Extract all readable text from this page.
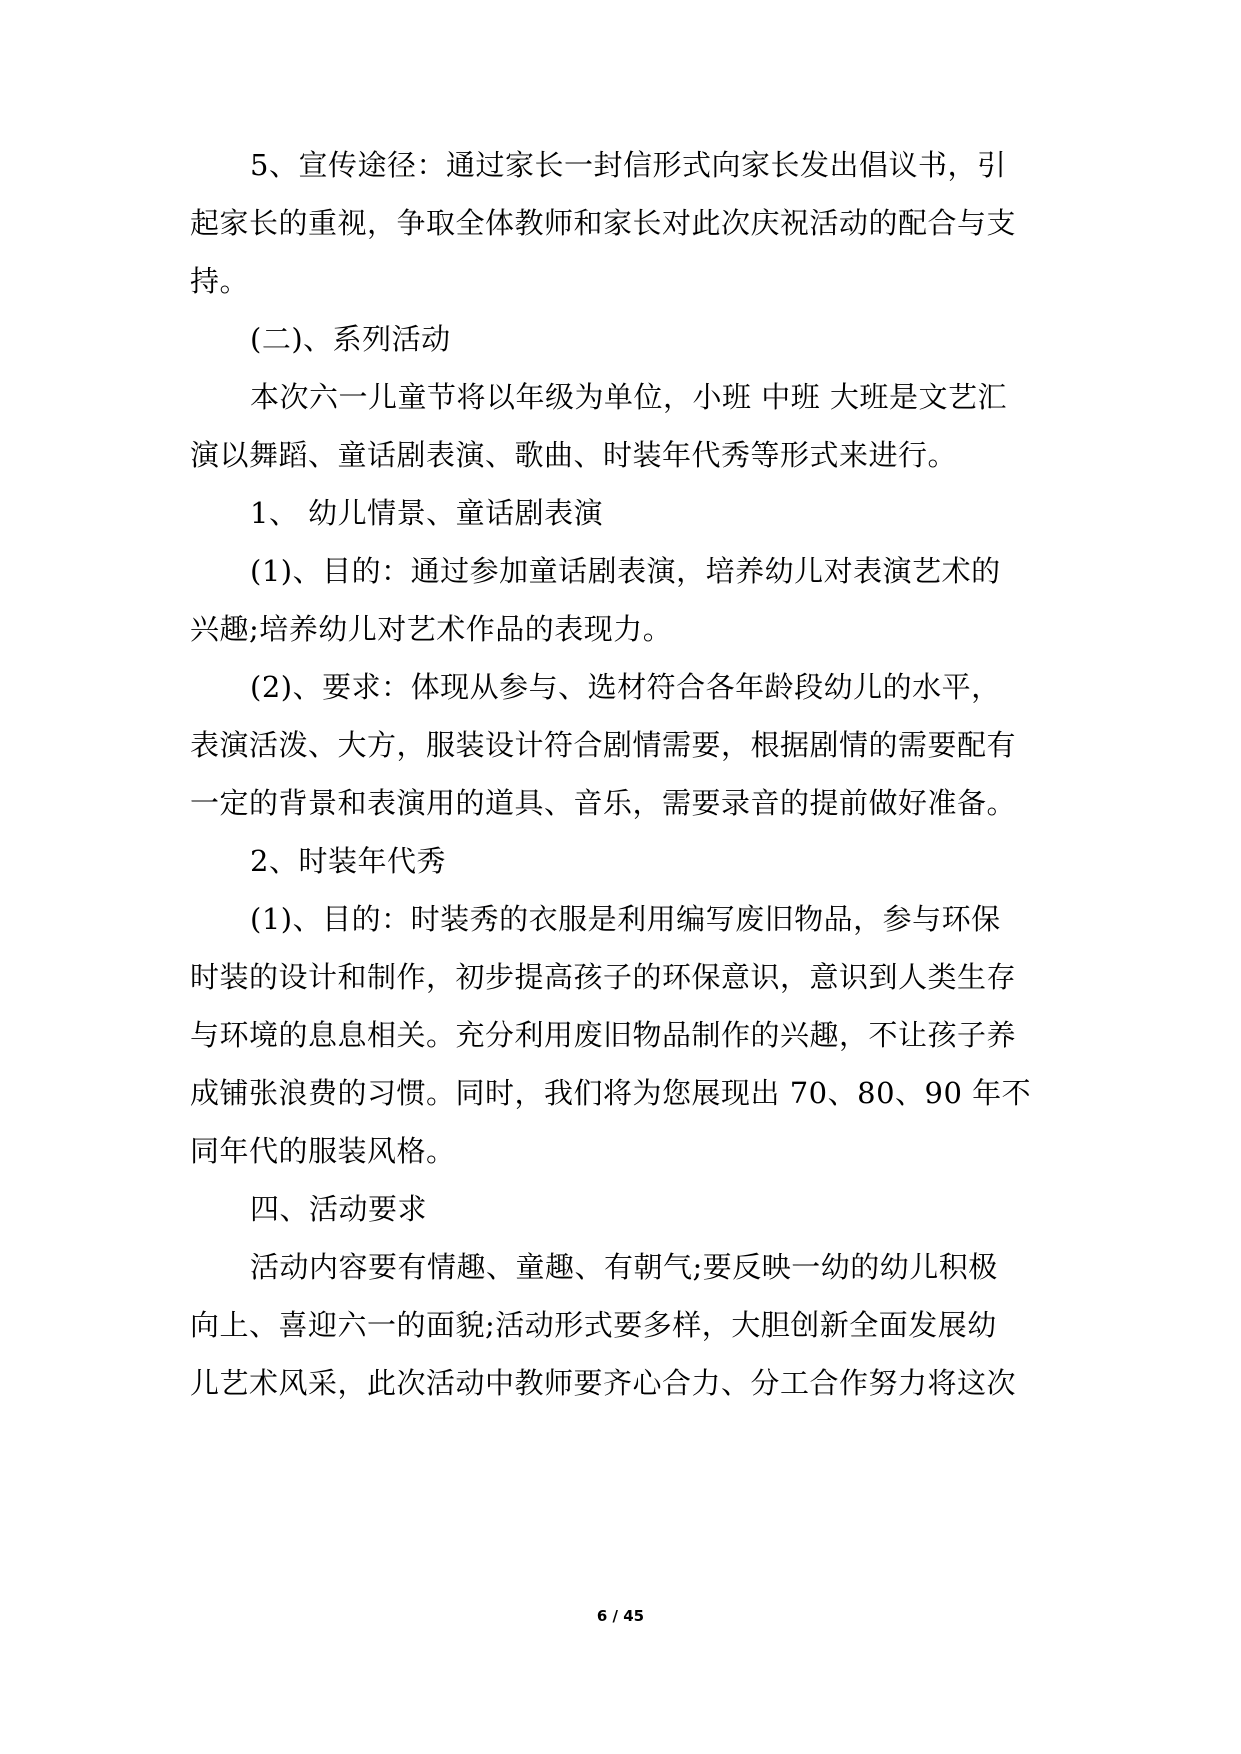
5、宣传途径：通过家长一封信形式向家长发出倡议书，引
起家长的重视，争取全体教师和家长对此次庆祝活动的配合与支
持。
(二)、系列活动
本次六一儿童节将以年级为单位，小班 中班 大班是文艺汇
演以舞蹈、童话剧表演、歌曲、时装年代秀等形式来进行。
1、 幼儿情景、童话剧表演
(1)、目的：通过参加童话剧表演，培养幼儿对表演艺术的
兴趣;培养幼儿对艺术作品的表现力。
(2)、要求：体现从参与、选材符合各年龄段幼儿的水平，
表演活泼、大方，服装设计符合剧情需要，根据剧情的需要配有
一定的背景和表演用的道具、音乐，需要录音的提前做好准备。
2、时装年代秀
(1)、目的：时装秀的衣服是利用编写废旧物品，参与环保
时装的设计和制作，初步提高孩子的环保意识，意识到人类生存
与环境的息息相关。充分利用废旧物品制作的兴趣，不让孩子养
成铺张浪费的习惯。同时，我们将为您展现出 70、80、90 年不
同年代的服装风格。
四、活动要求
活动内容要有情趣、童趣、有朝气;要反映一幼的幼儿积极
向上、喜迎六一的面貌;活动形式要多样，大胆创新全面发展幼
儿艺术风采，此次活动中教师要齐心合力、分工合作努力将这次
6 / 45
